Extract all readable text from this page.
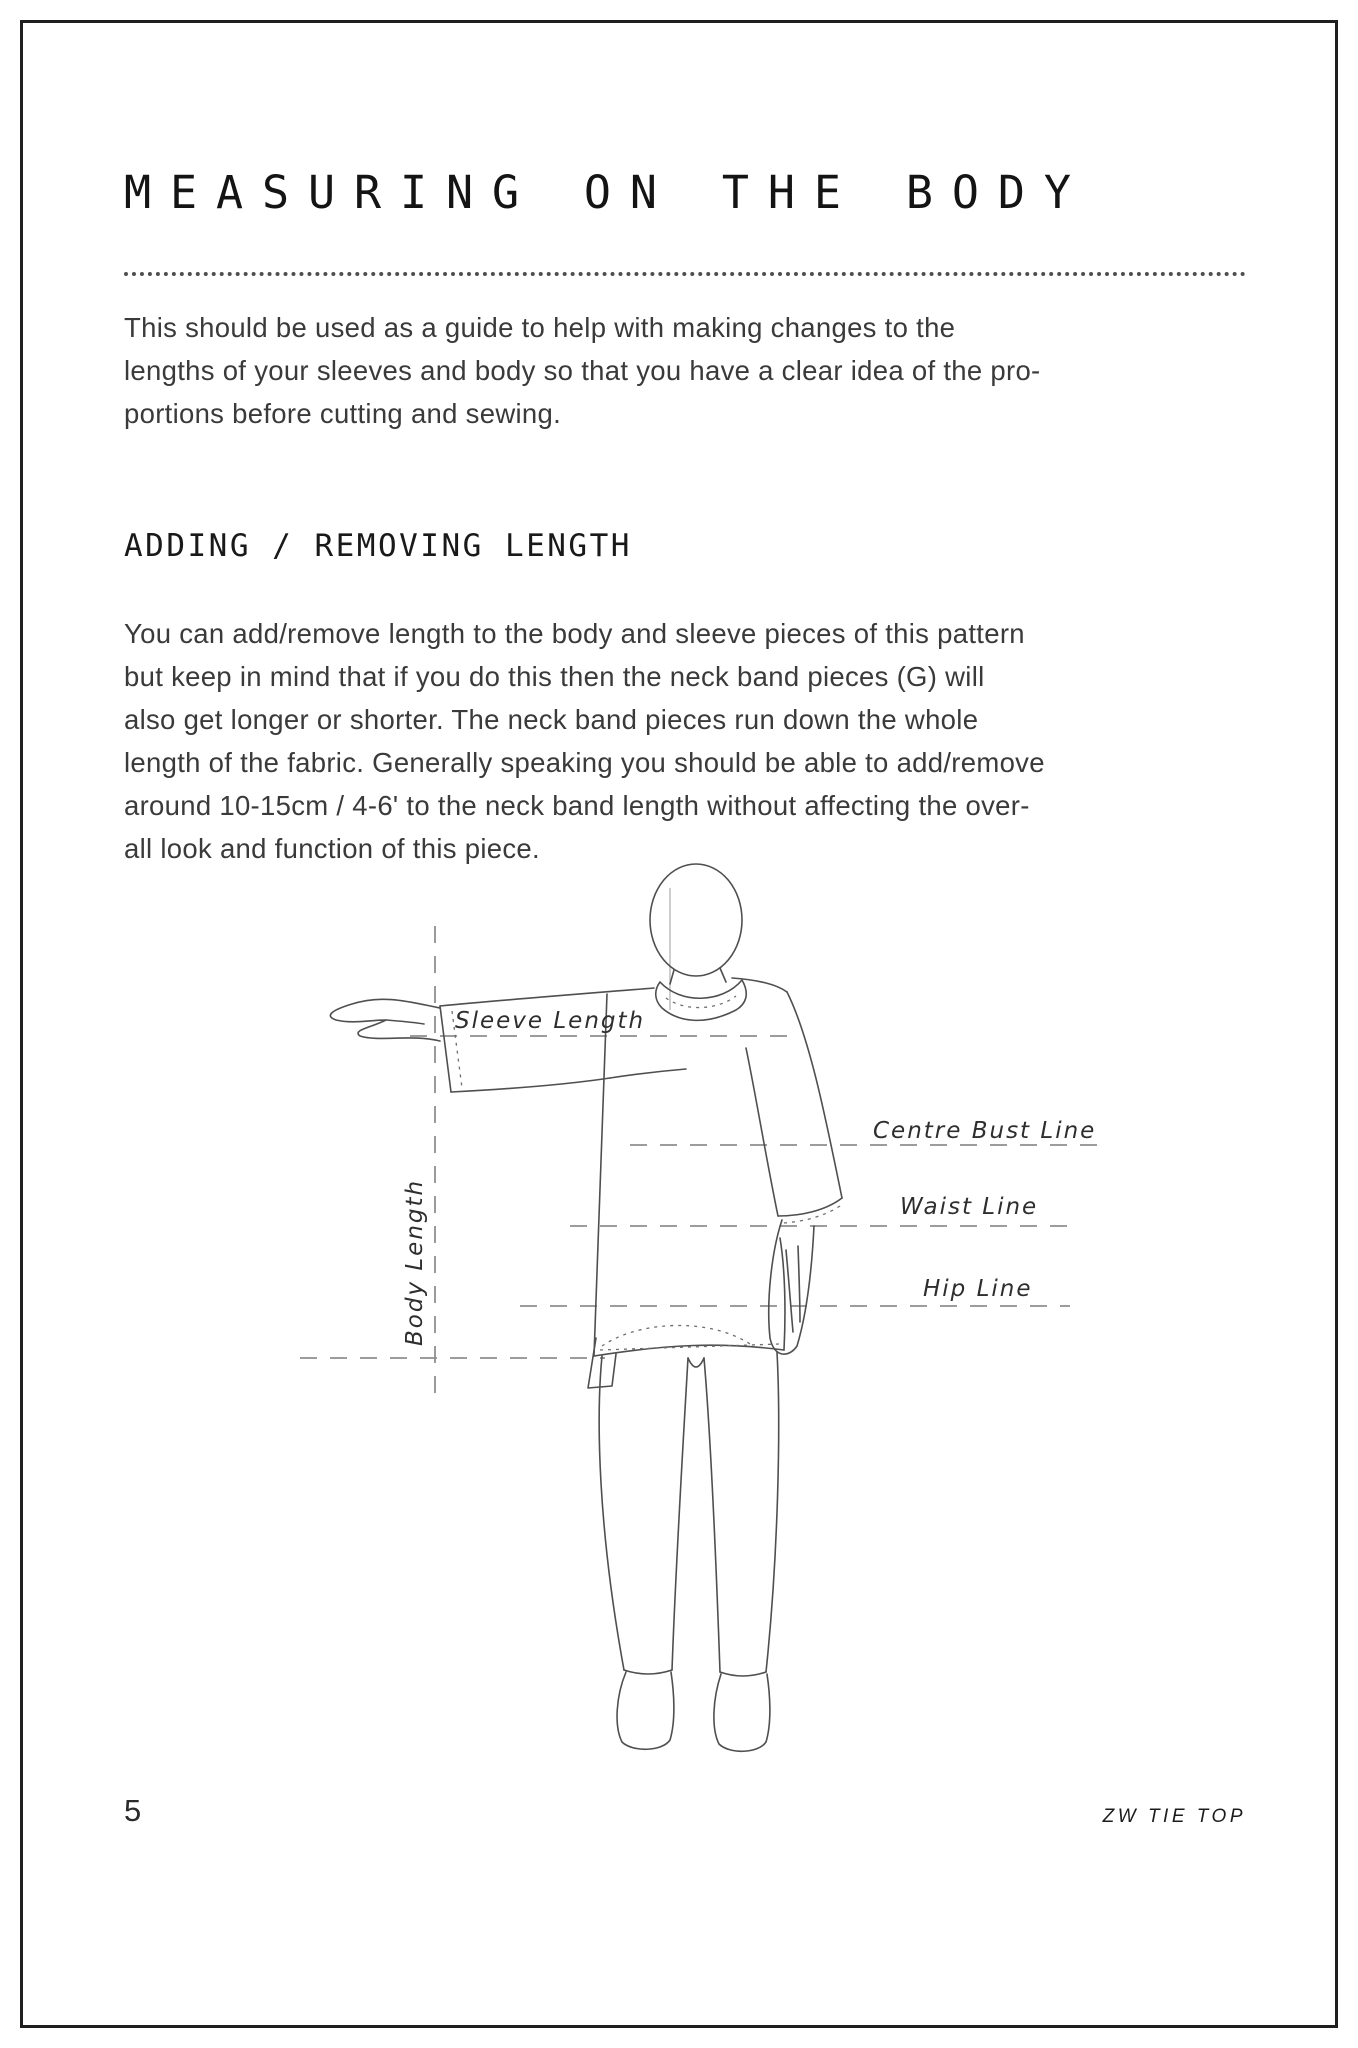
MEASURING ON THE BODY
This should be used as a guide to help with making changes to the
lengths of your sleeves and body so that you have a clear idea of the pro-
portions before cutting and sewing.
ADDING / REMOVING LENGTH
You can add/remove length to the body and sleeve pieces of this pattern
but keep in mind that if you do this then the neck band pieces (G) will
also get longer or shorter. The neck band pieces run down the whole
length of the fabric. Generally speaking you should be able to add/remove
around 10-15cm / 4-6' to the neck band length without affecting the over-
all look and function of this piece.
Sleeve Length
Centre Bust Line
Waist Line
Hip Line
Body Length
5	ZW TIE TOP
